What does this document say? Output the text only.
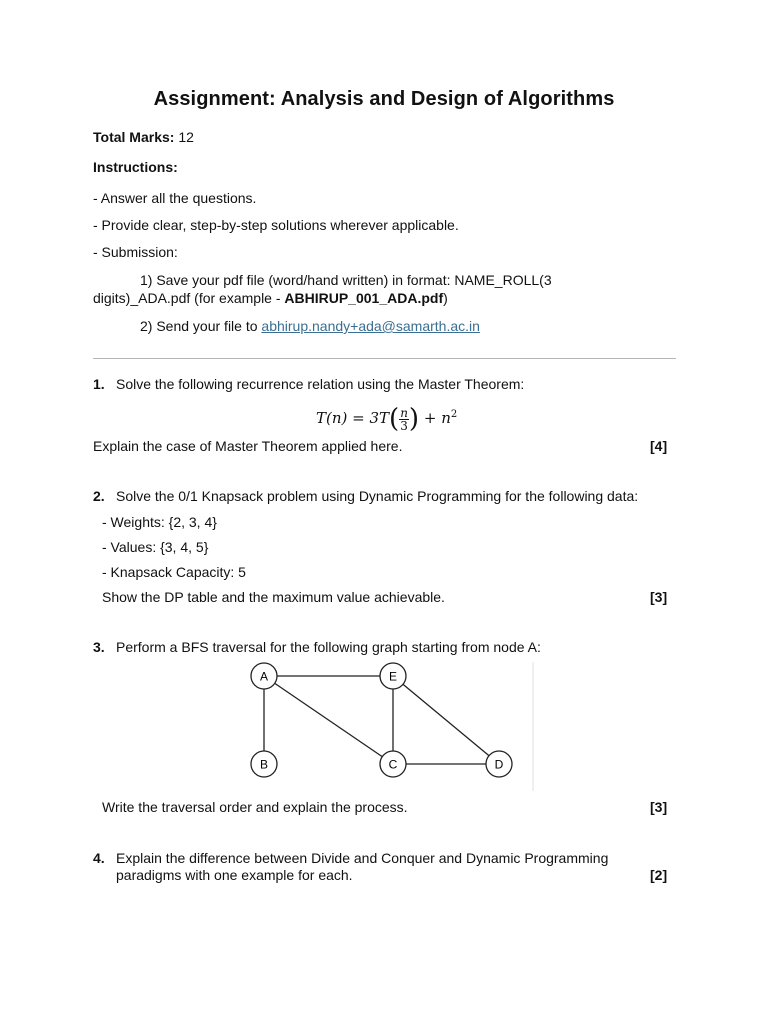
Assignment: Analysis and Design of Algorithms
Total Marks: 12
Instructions:
- Answer all the questions.
- Provide clear, step-by-step solutions wherever applicable.
- Submission:
1) Save your pdf file (word/hand written) in format: NAME_ROLL(3
digits)_ADA.pdf (for example - ABHIRUP_001_ADA.pdf)
2) Send your file to abhirup.nandy+ada@samarth.ac.in
1. Solve the following recurrence relation using the Master Theorem:
$T(n) = 3T( \frac{n}{3}$ ) + $n^2$
Explain the case of Master Theorem applied here.	[4]
2. Solve the 0/1 Knapsack problem using Dynamic Programming for the following data:
- Weights: {2, 3, 4}
- Values: {3, 4, 5}
- Knapsack Capacity: 5
Show the DP table and the maximum value achievable.	[3]
3. Perform a BFS traversal for the following graph starting from node A:
A	E
B	C	D
Write the traversal order and explain the process.	[3]
4. Explain the difference between Divide and Conquer and Dynamic Programming
paradigms with one example for each.	[2]
